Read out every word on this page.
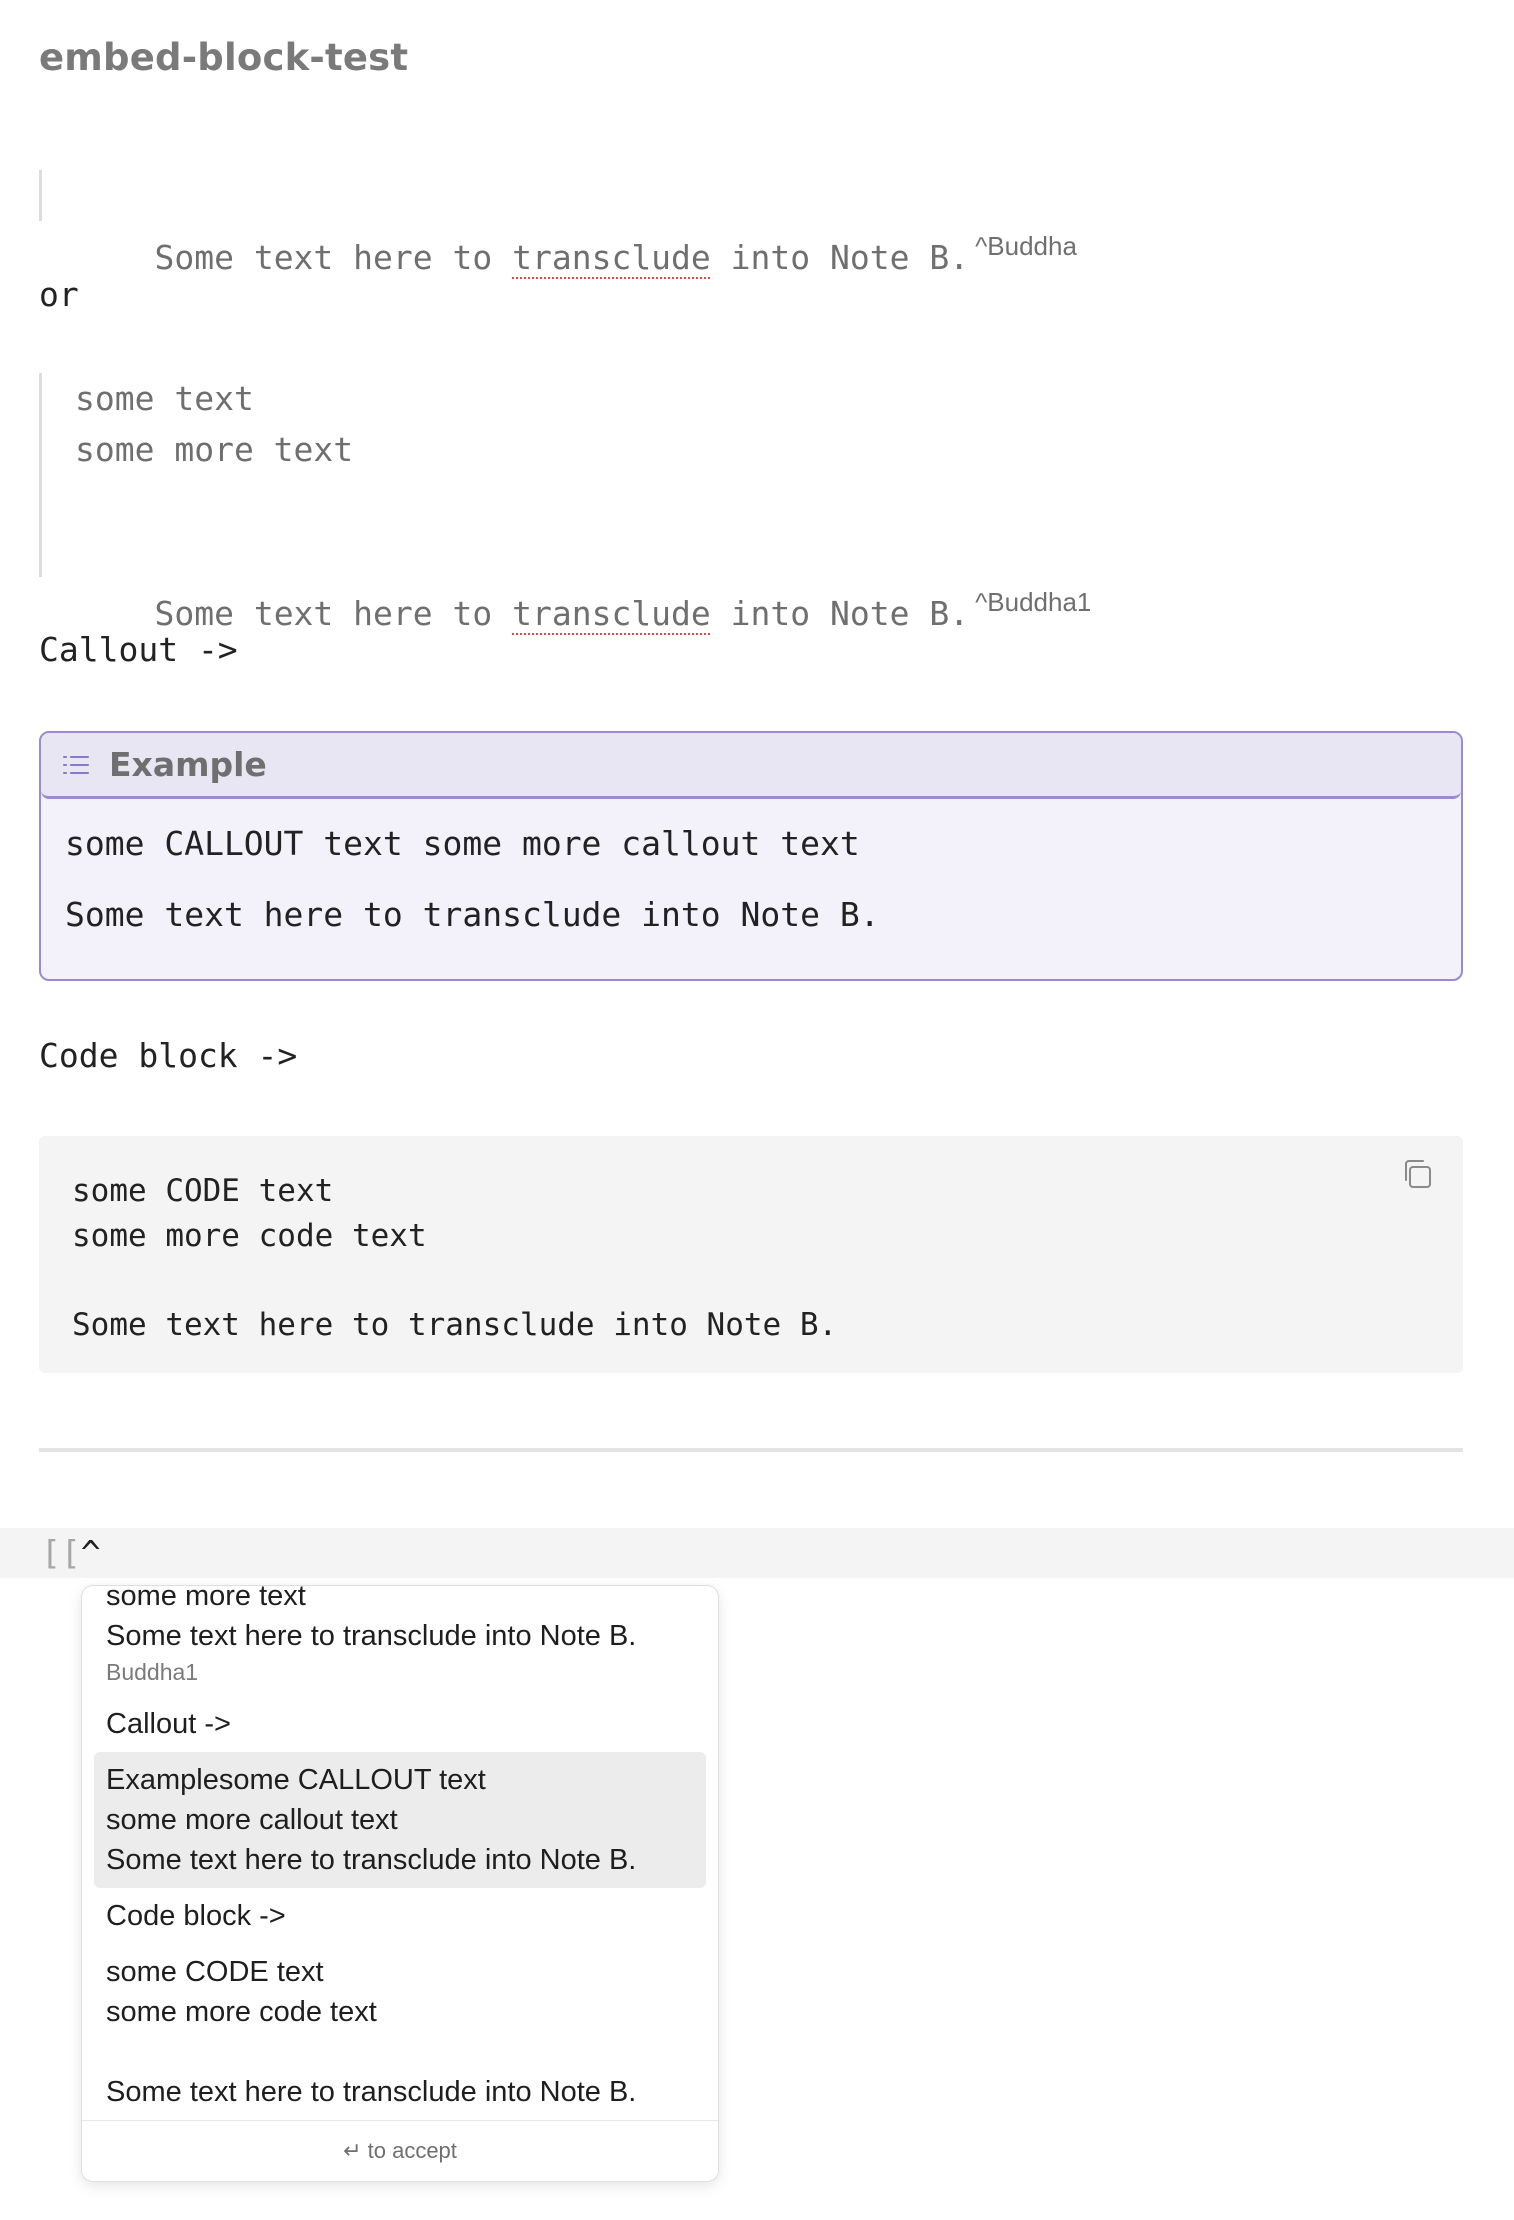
embed-block-test

Some text here to transclude into Note B. $^{\^{}Buddha}$

or
some text
some more text

Some text here to transclude into Note B. $^{\^{}Buddha1}$

Callout ->
Example
some CALLOUT text some more callout text
Some text here to transclude into Note B.
Code block ->
some CODE text
some more code text
Some text here to transclude into Note B.
[[^
some more text
Some text here to transclude into Note B.
Buddha1
Callout ->
Examplesome CALLOUT text
some more callout text
Some text here to transclude into Note B.
Code block ->
some CODE text
some more code text
Some text here to transclude into Note B.
↵ to accept
